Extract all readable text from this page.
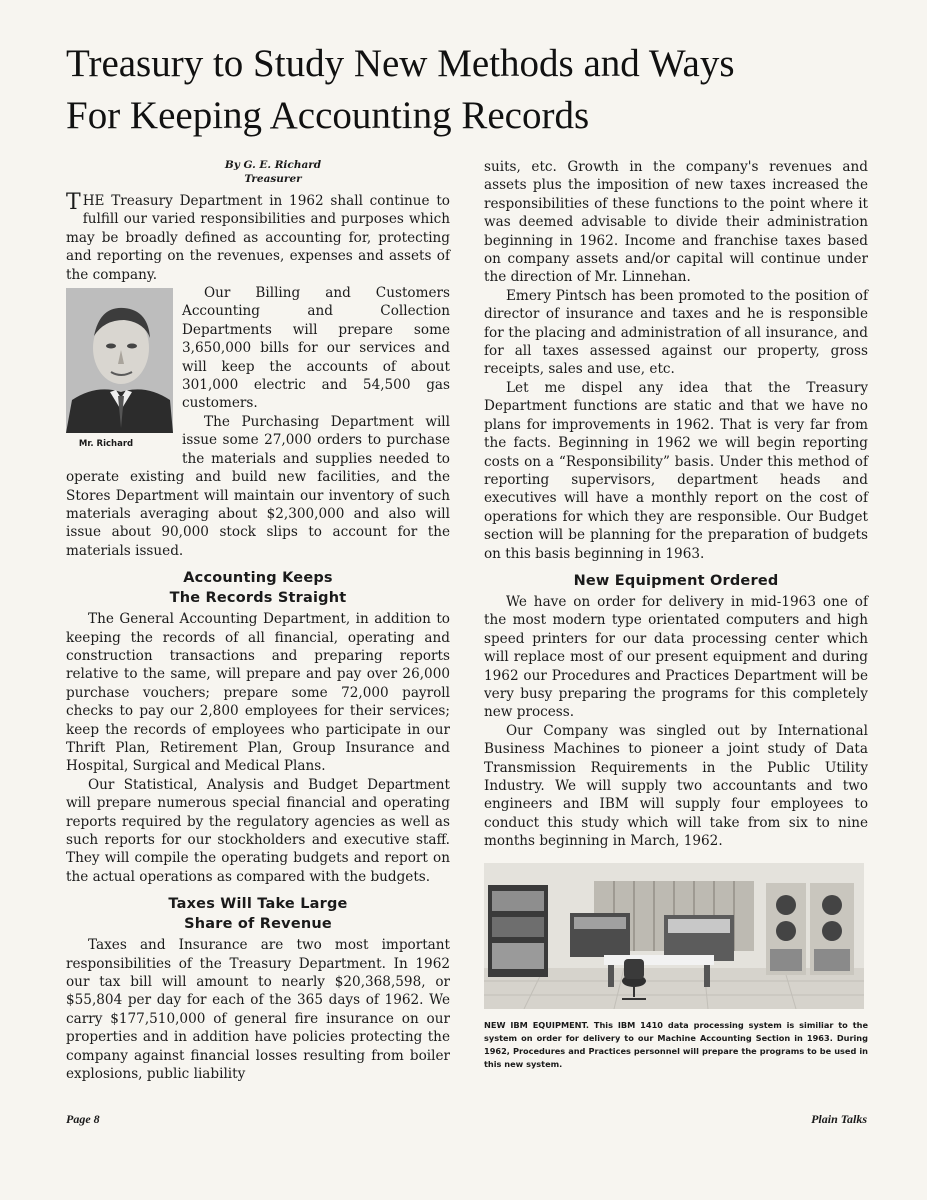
Treasury to Study New Methods and Ways
For Keeping Accounting Records
By G. E. Richard
Treasurer

T HE Treasury Department in 1962 shall continue to fulfill our varied responsibilities and purposes which may be broadly defined as accounting for, protecting and reporting on the revenues, expenses and assets of the company.

Mr. Richard

Our Billing and Customers Accounting and Collection Departments will prepare some 3,650,000 bills for our services and will keep the accounts of about 301,000 electric and 54,500 gas customers.

The Purchasing Department will issue some 27,000 orders to purchase the materials and supplies needed to operate existing and build new facilities, and the Stores Department will maintain our inventory of such materials averaging about $2,300,000 and also will issue about 90,000 stock slips to account for the materials issued.

Accounting Keeps
The Records Straight

The General Accounting Department, in addition to keeping the records of all financial, operating and construction transactions and preparing reports relative to the same, will prepare and pay over 26,000 purchase vouchers; prepare some 72,000 payroll checks to pay our 2,800 employees for their services; keep the records of employees who participate in our Thrift Plan, Retirement Plan, Group Insurance and Hospital, Surgical and Medical Plans.

Our Statistical, Analysis and Budget Department will prepare numerous special financial and operating reports required by the regulatory agencies as well as such reports for our stockholders and executive staff. They will compile the operating budgets and report on the actual operations as compared with the budgets.

Taxes Will Take Large
Share of Revenue

Taxes and Insurance are two most important responsibilities of the Treasury Department. In 1962 our tax bill will amount to nearly $20,368,598, or $55,804 per day for each of the 365 days of 1962. We carry $177,510,000 of general fire insurance on our properties and in addition have policies protecting the company against financial losses resulting from boiler explosions, public liability

suits, etc. Growth in the company's revenues and assets plus the imposition of new taxes increased the responsibilities of these functions to the point where it was deemed advisable to divide their administration beginning in 1962. Income and franchise taxes based on company assets and/or capital will continue under the direction of Mr. Linnehan.

Emery Pintsch has been promoted to the position of director of insurance and taxes and he is responsible for the placing and administration of all insurance, and for all taxes assessed against our property, gross receipts, sales and use, etc.

Let me dispel any idea that the Treasury Department functions are static and that we have no plans for improvements in 1962. That is very far from the facts. Beginning in 1962 we will begin reporting costs on a “Responsibility” basis. Under this method of reporting supervisors, department heads and executives will have a monthly report on the cost of operations for which they are responsible. Our Budget section will be planning for the preparation of budgets on this basis beginning in 1963.

New Equipment Ordered

We have on order for delivery in mid-1963 one of the most modern type orientated computers and high speed printers for our data processing center which will replace most of our present equipment and during 1962 our Procedures and Practices Department will be very busy preparing the programs for this completely new process.

Our Company was singled out by International Business Machines to pioneer a joint study of Data Transmission Requirements in the Public Utility Industry. We will supply two accountants and two engineers and IBM will supply four employees to conduct this study which will take from six to nine months beginning in March, 1962.

NEW IBM EQUIPMENT. This IBM 1410 data processing system is similiar to the system on order for delivery to our Machine Accounting Section in 1963. During 1962, Procedures and Practices personnel will prepare the programs to be used in this new system.
Page 8	Plain Talks
